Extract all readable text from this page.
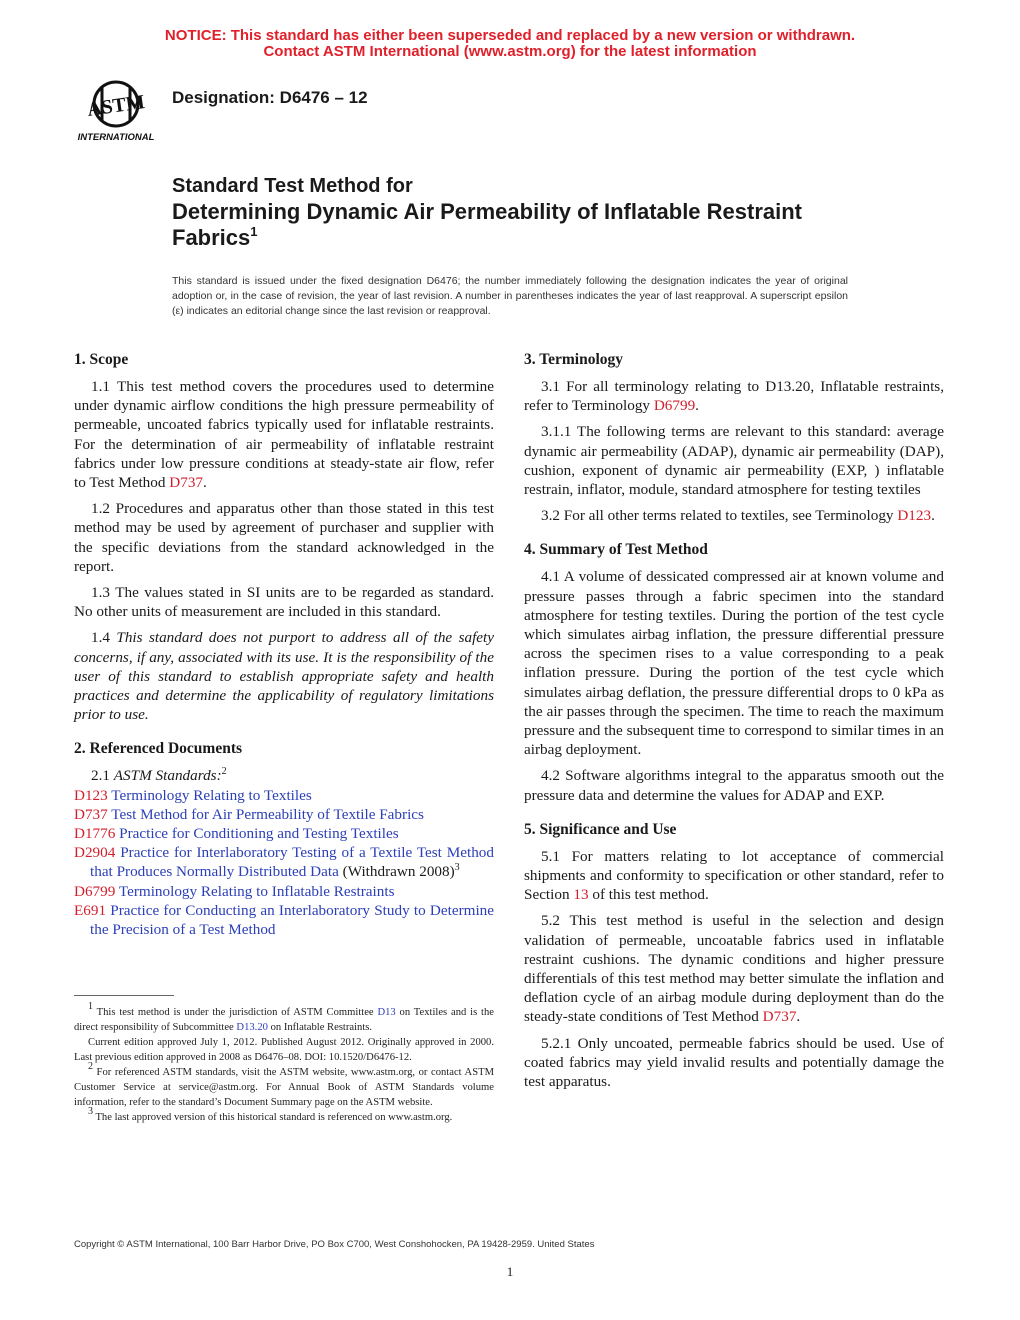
NOTICE: This standard has either been superseded and replaced by a new version or withdrawn.
Contact ASTM International (www.astm.org) for the latest information
ASTM
INTERNATIONAL
Designation: D6476 – 12
Standard Test Method for
Determining Dynamic Air Permeability of Inflatable Restraint
Fabrics$^1$
This standard is issued under the fixed designation D6476; the number immediately following the designation indicates the year of original adoption or, in the case of revision, the year of last revision. A number in parentheses indicates the year of last reapproval. A superscript epsilon (ε) indicates an editorial change since the last revision or reapproval.
1. Scope

1.1 This test method covers the procedures used to determine under dynamic airflow conditions the high pressure permeability of permeable, uncoated fabrics typically used for inflatable restraints. For the determination of air permeability of inflatable restraint fabrics under low pressure conditions at steady-state air flow, refer to Test Method D737.

1.2 Procedures and apparatus other than those stated in this test method may be used by agreement of purchaser and supplier with the specific deviations from the standard acknowledged in the report.

1.3 The values stated in SI units are to be regarded as standard. No other units of measurement are included in this standard.

1.4 This standard does not purport to address all of the safety concerns, if any, associated with its use. It is the responsibility of the user of this standard to establish appropriate safety and health practices and determine the applicability of regulatory limitations prior to use.

2. Referenced Documents

2.1 ASTM Standards:$^2$

D123 Terminology Relating to Textiles
D737 Test Method for Air Permeability of Textile Fabrics
D1776 Practice for Conditioning and Testing Textiles
D2904 Practice for Interlaboratory Testing of a Textile Test Method that Produces Normally Distributed Data (Withdrawn 2008)$^3$
D6799 Terminology Relating to Inflatable Restraints
E691 Practice for Conducting an Interlaboratory Study to Determine the Precision of a Test Method
3. Terminology

3.1 For all terminology relating to D13.20, Inflatable restraints, refer to Terminology D6799.

3.1.1 The following terms are relevant to this standard: average dynamic air permeability (ADAP), dynamic air permeability (DAP), cushion, exponent of dynamic air permeability (EXP, ) inflatable restrain, inflator, module, standard atmosphere for testing textiles

3.2 For all other terms related to textiles, see Terminology D123.

4. Summary of Test Method

4.1 A volume of dessicated compressed air at known volume and pressure passes through a fabric specimen into the standard atmosphere for testing textiles. During the portion of the test cycle which simulates airbag inflation, the pressure differential pressure across the specimen rises to a value corresponding to a peak inflation pressure. During the portion of the test cycle which simulates airbag deflation, the pressure differential drops to 0 kPa as the air passes through the specimen. The time to reach the maximum pressure and the subsequent time to correspond to similar times in an airbag deployment.

4.2 Software algorithms integral to the apparatus smooth out the pressure data and determine the values for ADAP and EXP.

5. Significance and Use

5.1 For matters relating to lot acceptance of commercial shipments and conformity to specification or other standard, refer to Section 13 of this test method.

5.2 This test method is useful in the selection and design validation of permeable, uncoatable fabrics used in inflatable restraint cushions. The dynamic conditions and higher pressure differentials of this test method may better simulate the inflation and deflation cycle of an airbag module during deployment than do the steady-state conditions of Test Method D737.

5.2.1 Only uncoated, permeable fabrics should be used. Use of coated fabrics may yield invalid results and potentially damage the test apparatus.

$^1$ This test method is under the jurisdiction of ASTM Committee D13 on Textiles and is the direct responsibility of Subcommittee D13.20 on Inflatable Restraints.

Current edition approved July 1, 2012. Published August 2012. Originally approved in 2000. Last previous edition approved in 2008 as D6476–08. DOI: 10.1520/D6476-12.

$^2$ For referenced ASTM standards, visit the ASTM website, www.astm.org, or contact ASTM Customer Service at service@astm.org. For Annual Book of ASTM Standards volume information, refer to the standard’s Document Summary page on the ASTM website.

$^3$ The last approved version of this historical standard is referenced on www.astm.org.

Copyright © ASTM International, 100 Barr Harbor Drive, PO Box C700, West Conshohocken, PA 19428-2959. United States
1
